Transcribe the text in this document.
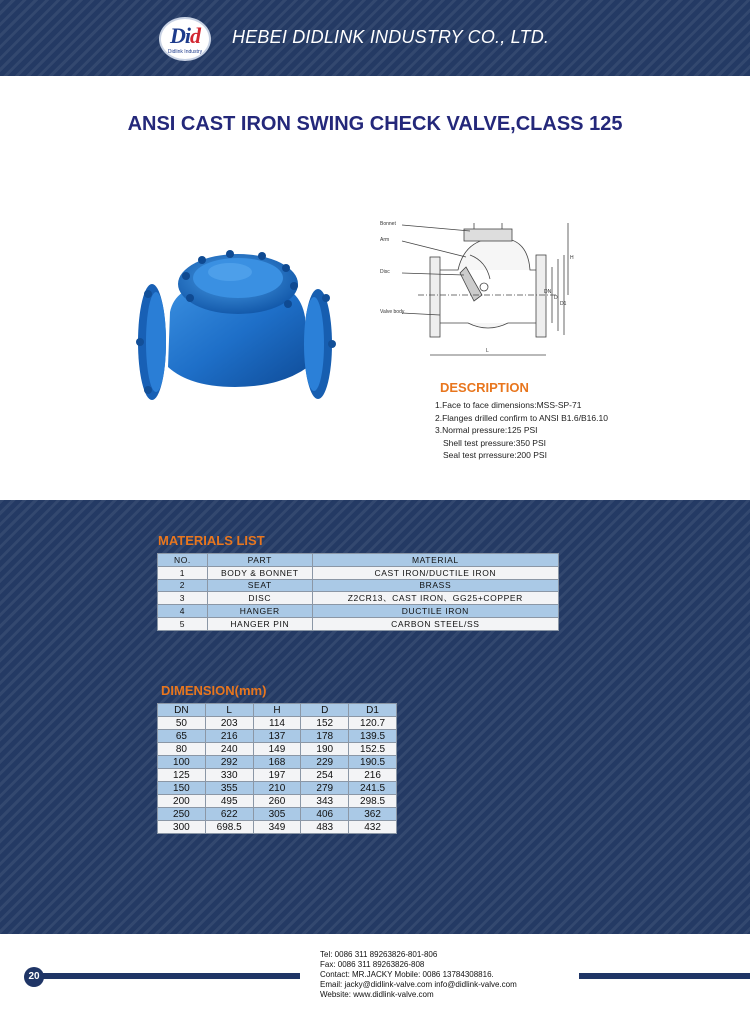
Did
Didlink Industry
HEBEI DIDLINK INDUSTRY CO., LTD.
ANSI CAST IRON SWING CHECK VALVE,CLASS 125
Bonnet
Arm
Disc
Valve body
H
L
DN
D
D1
DESCRIPTION
1.Face to face dimensions:MSS-SP-71
2.Flanges drilled confirm to ANSI B1.6/B16.10
3.Normal pressure:125 PSI
Shell test pressure:350 PSI
Seal test prressure:200 PSI
MATERIALS LIST
NO.	PART	MATERIAL
1	BODY & BONNET	CAST IRON/DUCTILE IRON
2	SEAT	BRASS
3	DISC	Z2CR13、CAST IRON、GG25+COPPER
4	HANGER	DUCTILE IRON
5	HANGER PIN	CARBON STEEL/SS
DIMENSION(mm)
DN	L	H	D	D1
50	203	114	152	120.7
65	216	137	178	139.5
80	240	149	190	152.5
100	292	168	229	190.5
125	330	197	254	216
150	355	210	279	241.5
200	495	260	343	298.5
250	622	305	406	362
300	698.5	349	483	432
Tel: 0086 311 89263826-801-806
Fax: 0086 311 89263826-808
Contact: MR.JACKY Mobile: 0086 13784308816.
Email: jacky@didlink-valve.com info@didlink-valve.com
Website: www.didlink-valve.com
20
